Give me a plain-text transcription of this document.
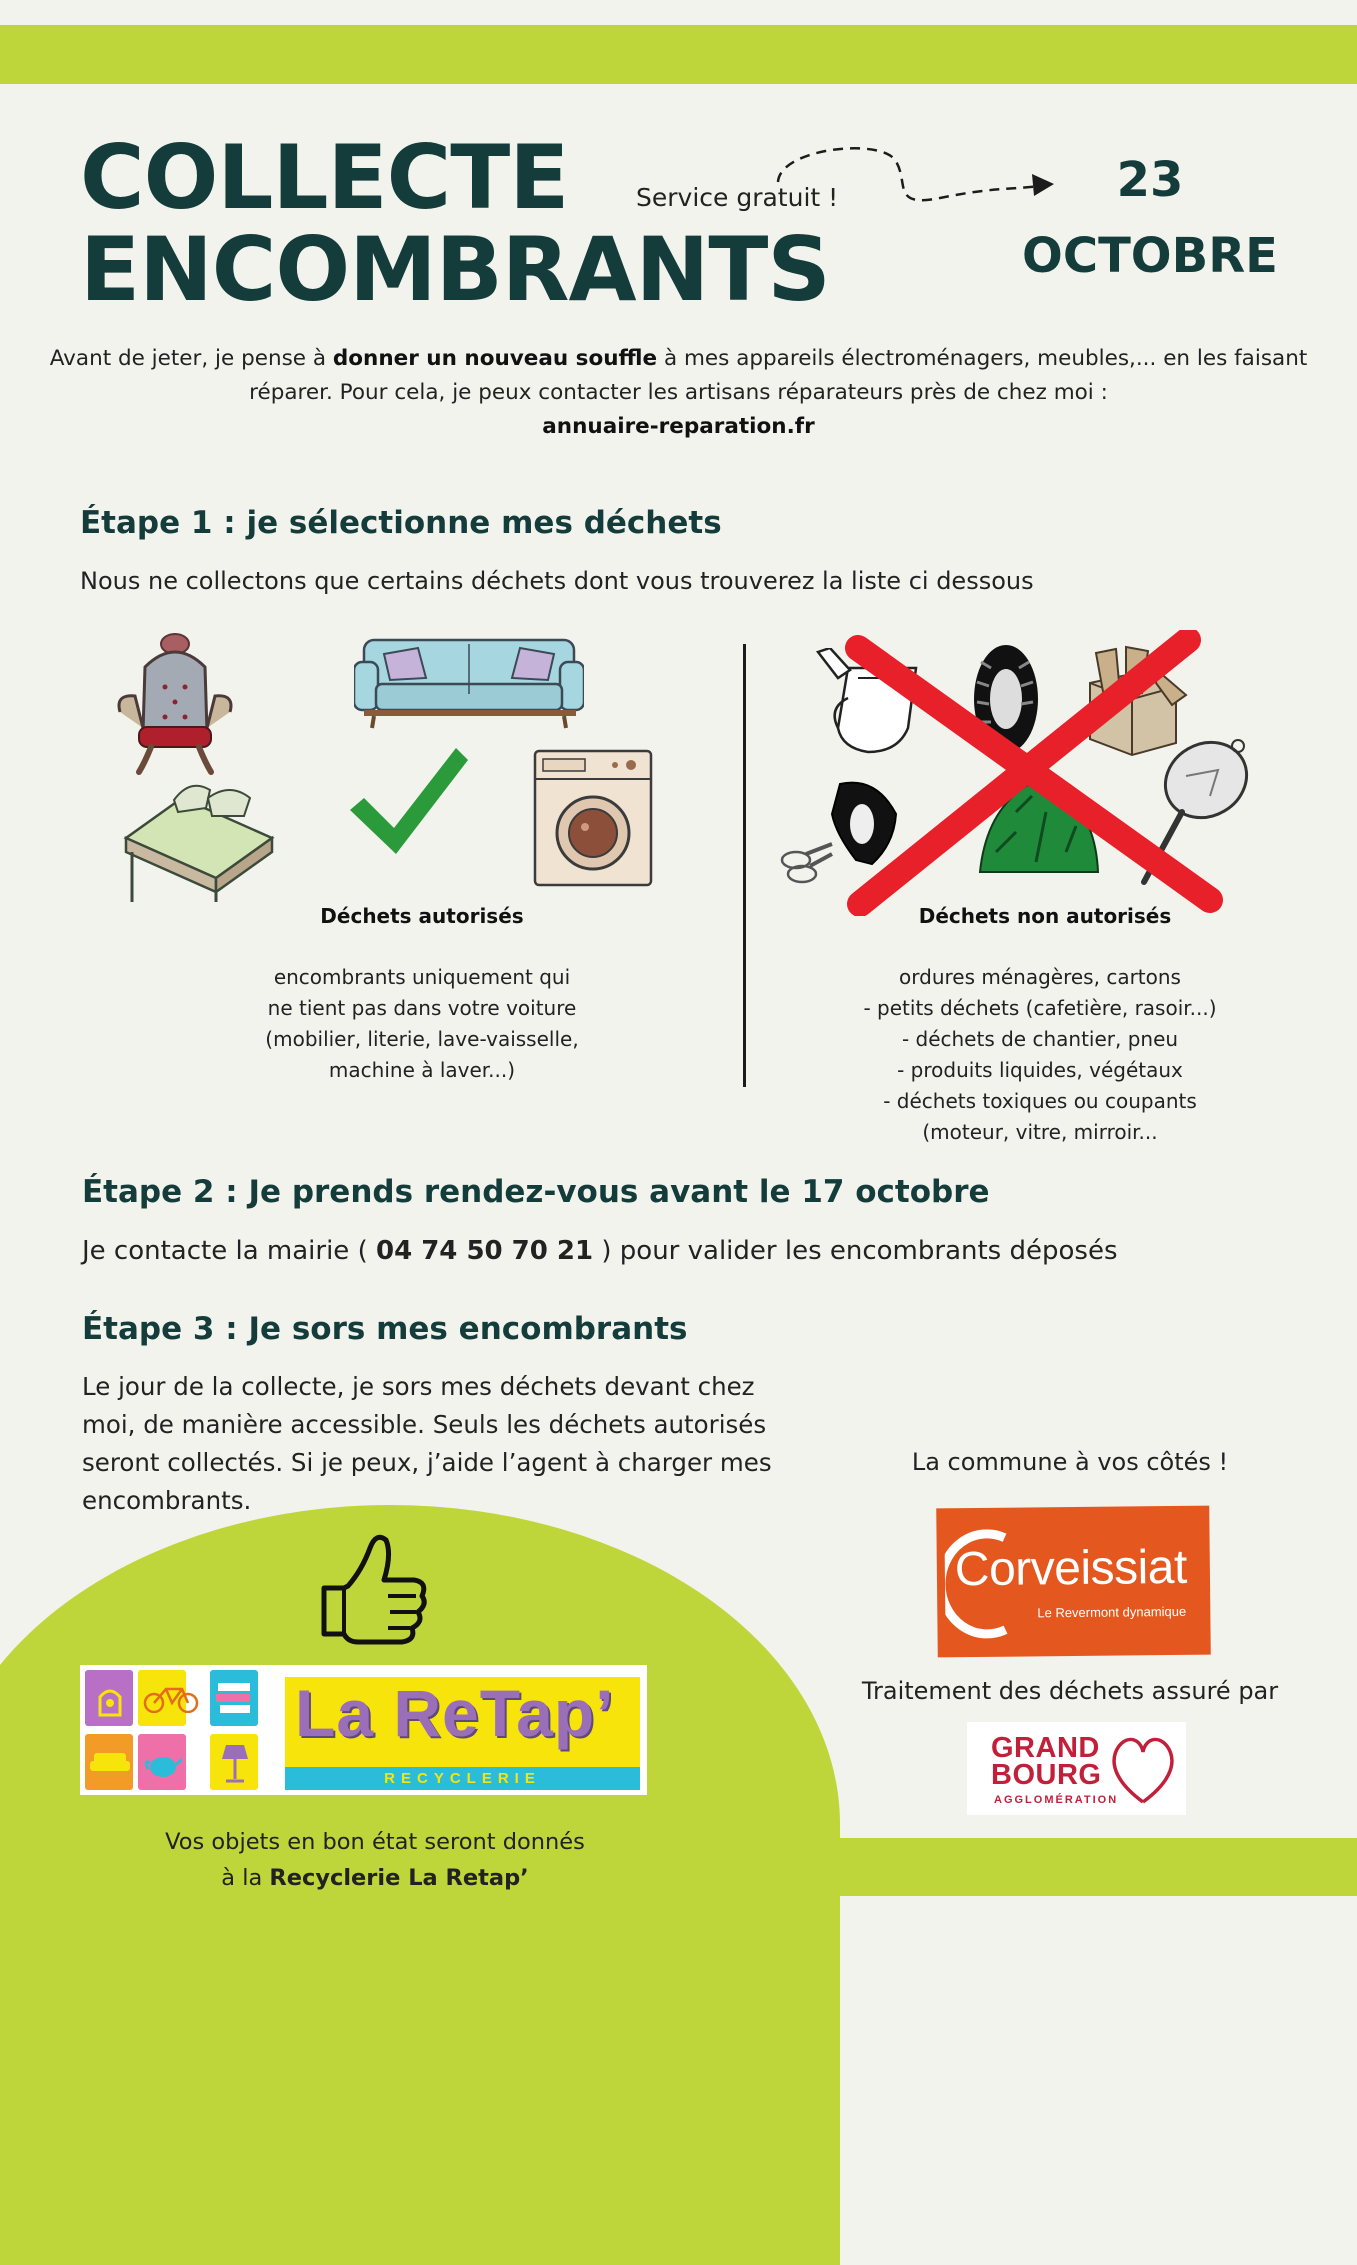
COLLECTE
ENCOMBRANTS
Service gratuit !	23
OCTOBRE
Avant de jeter, je pense à donner un nouveau souffle à mes appareils électroménagers, meubles,... en les faisant réparer. Pour cela, je peux contacter les artisans réparateurs près de chez moi :
annuaire-reparation.fr
Étape 1 : je sélectionne mes déchets
Nous ne collectons que certains déchets dont vous trouverez la liste ci dessous
Déchets autorisés
encombrants uniquement qui
ne tient pas dans votre voiture
(mobilier, literie, lave-vaisselle,
machine à laver...)
Déchets non autorisés
ordures ménagères, cartons
- petits déchets (cafetière, rasoir...)
- déchets de chantier, pneu
- produits liquides, végétaux
- déchets toxiques ou coupants
(moteur, vitre, mirroir...
Étape 2 : Je prends rendez-vous avant le 17 octobre
Je contacte la mairie ( 04 74 50 70 21 ) pour valider les encombrants déposés
Étape 3 : Je sors mes encombrants
Le jour de la collecte, je sors mes déchets devant chez
moi, de manière accessible. Seuls les déchets autorisés
seront collectés. Si je peux, j’aide l’agent à charger mes
encombrants.
La commune à vos côtés !
Corveissiat
Le Revermont dynamique
Traitement des déchets assuré par
GRAND
BOURG
AGGLOMÉRATION
La ReTap’
RECYCLERIE
Vos objets en bon état seront donnés
à la Recyclerie La Retap’
